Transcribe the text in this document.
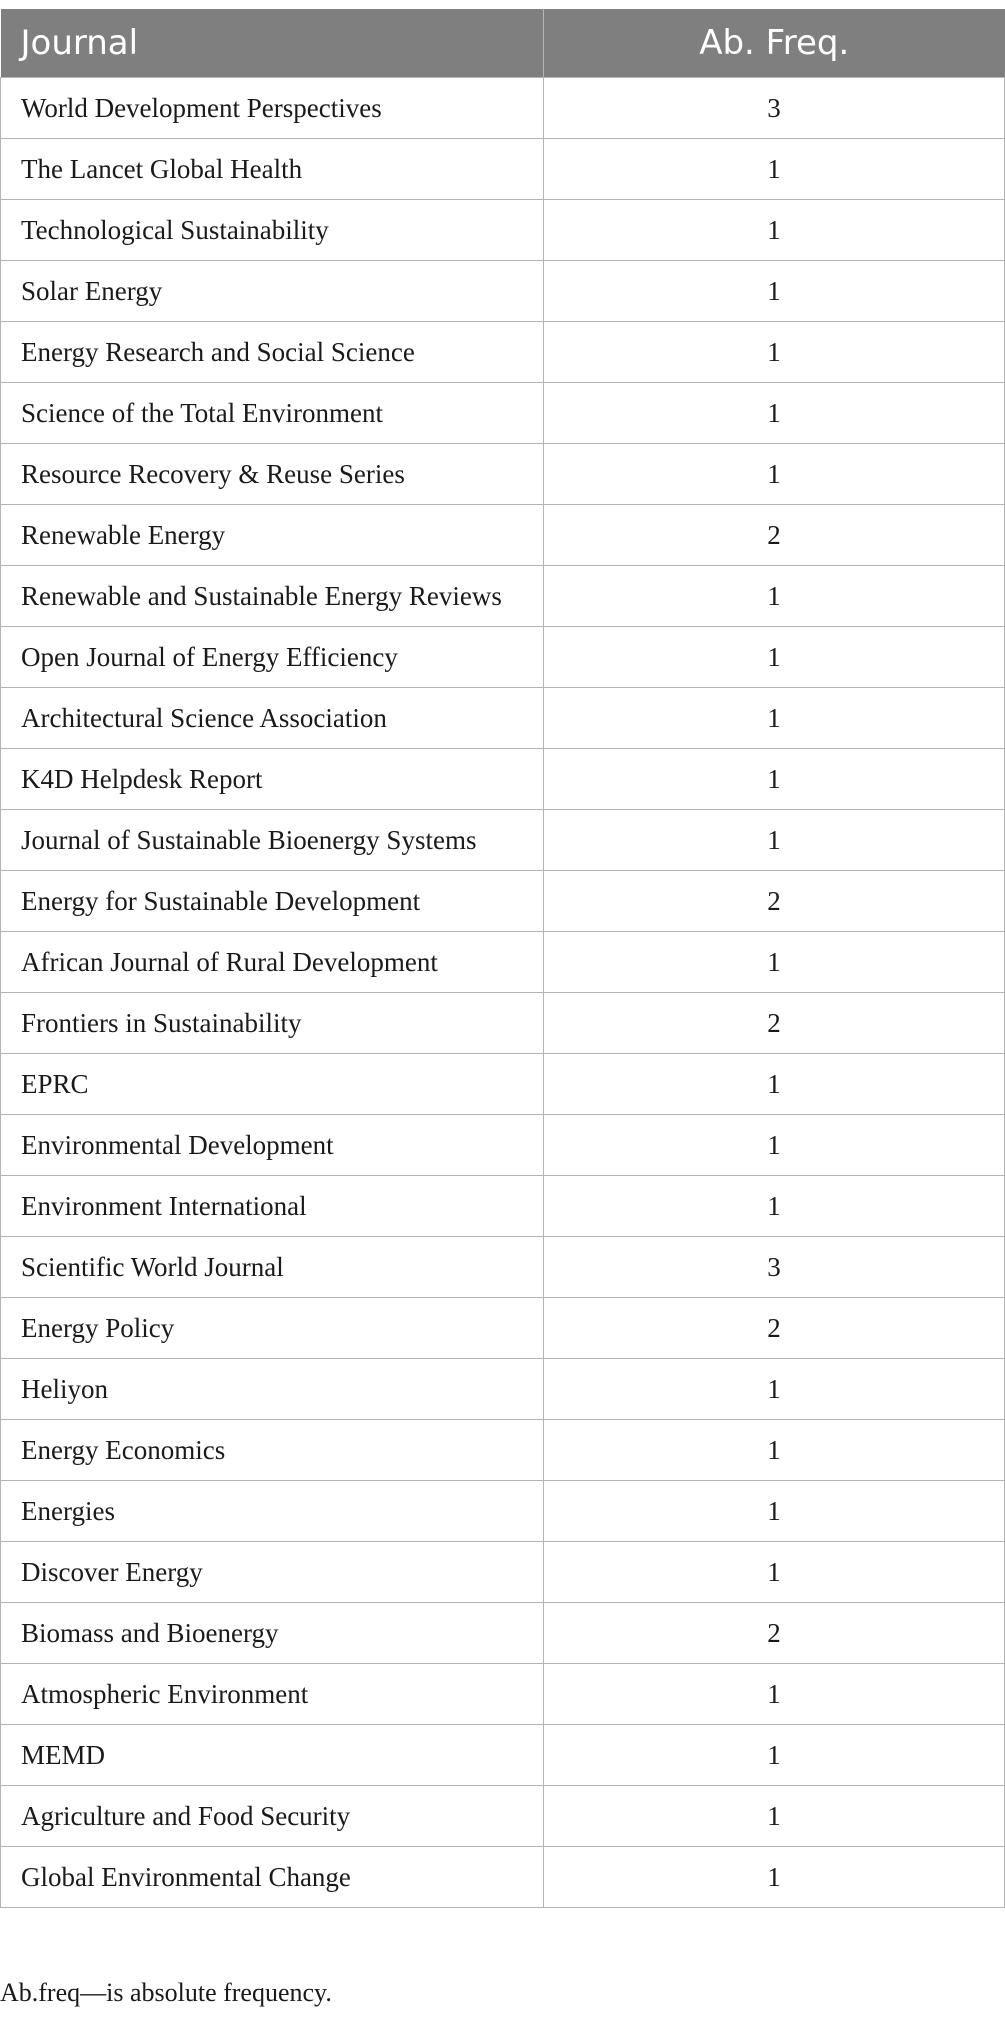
Journal	Ab. Freq.
World Development Perspectives	3
The Lancet Global Health	1
Technological Sustainability	1
Solar Energy	1
Energy Research and Social Science	1
Science of the Total Environment	1
Resource Recovery & Reuse Series	1
Renewable Energy	2
Renewable and Sustainable Energy Reviews	1
Open Journal of Energy Efficiency	1
Architectural Science Association	1
K4D Helpdesk Report	1
Journal of Sustainable Bioenergy Systems	1
Energy for Sustainable Development	2
African Journal of Rural Development	1
Frontiers in Sustainability	2
EPRC	1
Environmental Development	1
Environment International	1
Scientific World Journal	3
Energy Policy	2
Heliyon	1
Energy Economics	1
Energies	1
Discover Energy	1
Biomass and Bioenergy	2
Atmospheric Environment	1
MEMD	1
Agriculture and Food Security	1
Global Environmental Change	1
Ab.freq—is absolute frequency.
